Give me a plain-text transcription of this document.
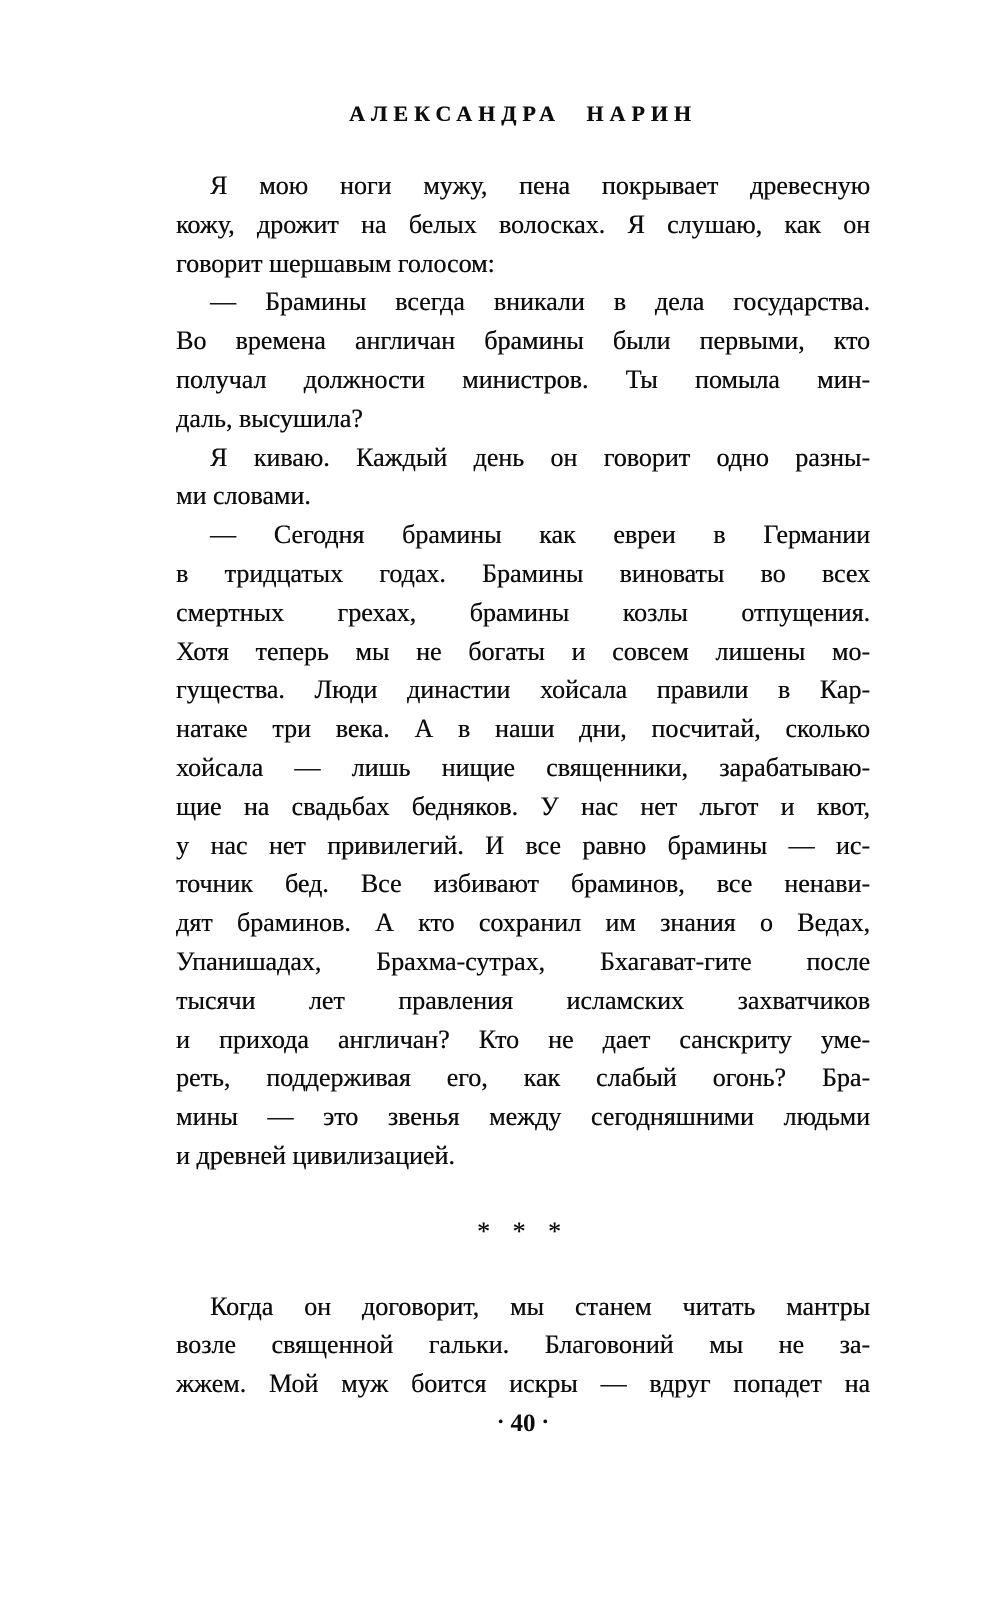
АЛЕКСАНДРА НАРИН
Я мою ноги мужу, пена покрывает древесную
кожу, дрожит на белых волосках. Я слушаю, как он
говорит шершавым голосом:
— Брамины всегда вникали в дела государства.
Во времена англичан брамины были первыми, кто
получал должности министров. Ты помыла мин-
даль, высушила?
Я киваю. Каждый день он говорит одно разны-
ми словами.
— Сегодня брамины как евреи в Германии
в тридцатых годах. Брамины виноваты во всех
смертных грехах, брамины козлы отпущения.
Хотя теперь мы не богаты и совсем лишены мо-
гущества. Люди династии хойсала правили в Кар-
натаке три века. А в наши дни, посчитай, сколько
хойсала — лишь нищие священники, зарабатываю-
щие на свадьбах бедняков. У нас нет льгот и квот,
у нас нет привилегий. И все равно брамины — ис-
точник бед. Все избивают браминов, все ненави-
дят браминов. А кто сохранил им знания о Ведах,
Упанишадах, Брахма-сутрах, Бхагават-гите после
тысячи лет правления исламских захватчиков
и прихода англичан? Кто не дает санскриту уме-
реть, поддерживая его, как слабый огонь? Бра-
мины — это звенья между сегодняшними людьми
и древней цивилизацией.
* * *
Когда он договорит, мы станем читать мантры
возле священной гальки. Благовоний мы не за-
жжем. Мой муж боится искры — вдруг попадет на
• 40 •
